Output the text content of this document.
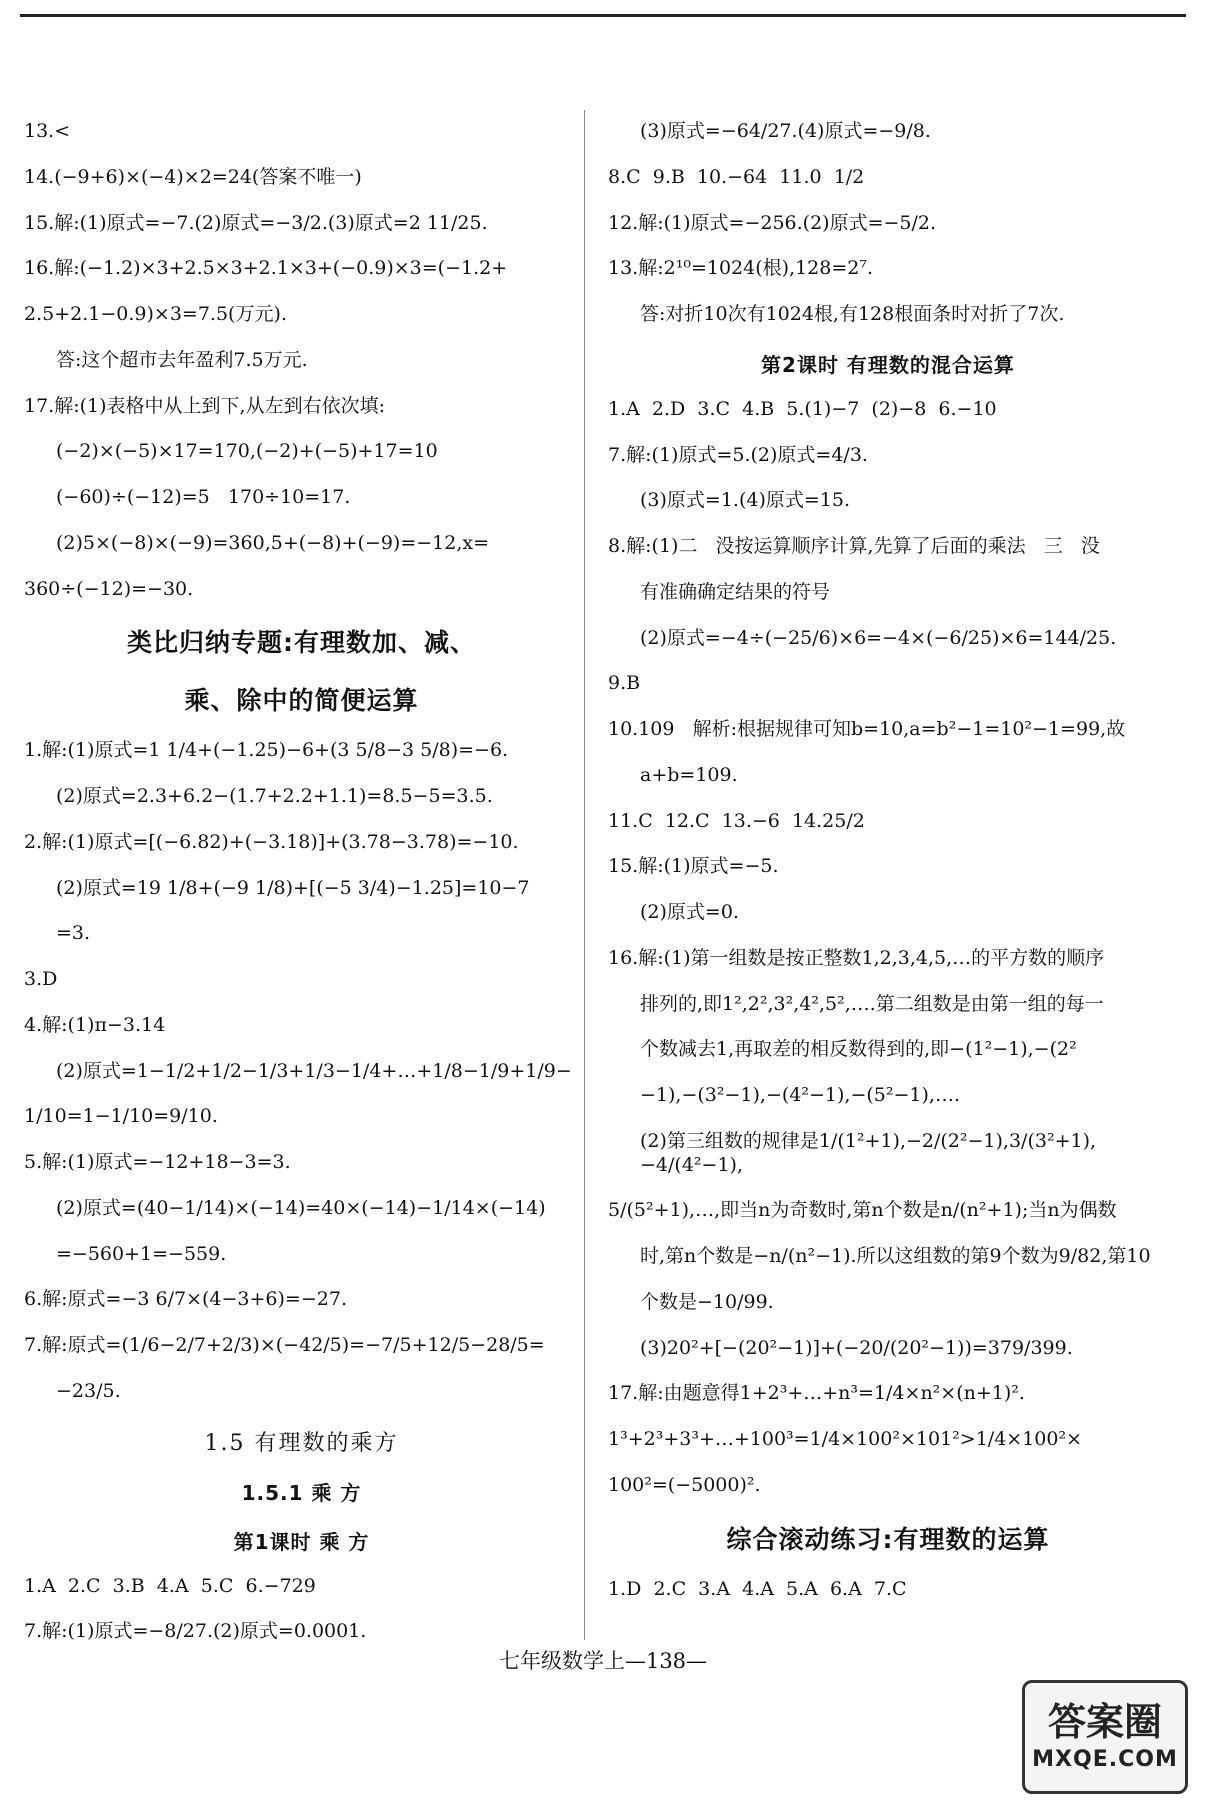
13.<
14.(−9+6)×(−4)×2=24(答案不唯一)
15.解:(1)原式=−7.(2)原式=−3/2.(3)原式=2 11/25.
16.解:(−1.2)×3+2.5×3+2.1×3+(−0.9)×3=(−1.2+
2.5+2.1−0.9)×3=7.5(万元).
答:这个超市去年盈利7.5万元.
17.解:(1)表格中从上到下,从左到右依次填:
(−2)×(−5)×17=170,(−2)+(−5)+17=10
(−60)÷(−12)=5   170÷10=17.
(2)5×(−8)×(−9)=360,5+(−8)+(−9)=−12,x=
360÷(−12)=−30.
类比归纳专题:有理数加、减、
乘、除中的简便运算
1.解:(1)原式=1 1/4+(−1.25)−6+(3 5/8−3 5/8)=−6.
(2)原式=2.3+6.2−(1.7+2.2+1.1)=8.5−5=3.5.
2.解:(1)原式=[(−6.82)+(−3.18)]+(3.78−3.78)=−10.
(2)原式=19 1/8+(−9 1/8)+[(−5 3/4)−1.25]=10−7
=3.
3.D
4.解:(1)π−3.14
(2)原式=1−1/2+1/2−1/3+1/3−1/4+…+1/8−1/9+1/9−
1/10=1−1/10=9/10.
5.解:(1)原式=−12+18−3=3.
(2)原式=(40−1/14)×(−14)=40×(−14)−1/14×(−14)
=−560+1=−559.
6.解:原式=−3 6/7×(4−3+6)=−27.
7.解:原式=(1/6−2/7+2/3)×(−42/5)=−7/5+12/5−28/5=
−23/5.
1.5 有理数的乘方
1.5.1 乘 方
第1课时 乘 方
1.A  2.C  3.B  4.A  5.C  6.−729
7.解:(1)原式=−8/27.(2)原式=0.0001.
(3)原式=−64/27.(4)原式=−9/8.
8.C  9.B  10.−64  11.0  1/2
12.解:(1)原式=−256.(2)原式=−5/2.
13.解:2¹⁰=1024(根),128=2⁷.
答:对折10次有1024根,有128根面条时对折了7次.
第2课时 有理数的混合运算
1.A  2.D  3.C  4.B  5.(1)−7  (2)−8  6.−10
7.解:(1)原式=5.(2)原式=4/3.
(3)原式=1.(4)原式=15.
8.解:(1)二   没按运算顺序计算,先算了后面的乘法   三   没
有准确确定结果的符号
(2)原式=−4÷(−25/6)×6=−4×(−6/25)×6=144/25.
9.B
10.109   解析:根据规律可知b=10,a=b²−1=10²−1=99,故
a+b=109.
11.C  12.C  13.−6  14.25/2
15.解:(1)原式=−5.
(2)原式=0.
16.解:(1)第一组数是按正整数1,2,3,4,5,…的平方数的顺序
排列的,即1²,2²,3²,4²,5²,….第二组数是由第一组的每一
个数减去1,再取差的相反数得到的,即−(1²−1),−(2²
−1),−(3²−1),−(4²−1),−(5²−1),….
(2)第三组数的规律是1/(1²+1),−2/(2²−1),3/(3²+1),−4/(4²−1),
5/(5²+1),…,即当n为奇数时,第n个数是n/(n²+1);当n为偶数
时,第n个数是−n/(n²−1).所以这组数的第9个数为9/82,第10
个数是−10/99.
(3)20²+[−(20²−1)]+(−20/(20²−1))=379/399.
17.解:由题意得1+2³+…+n³=1/4×n²×(n+1)².
1³+2³+3³+…+100³=1/4×100²×101²>1/4×100²×
100²=(−5000)².
综合滚动练习:有理数的运算
1.D  2.C  3.A  4.A  5.A  6.A  7.C
七年级数学上—138—
答案圈
MXQE.COM
